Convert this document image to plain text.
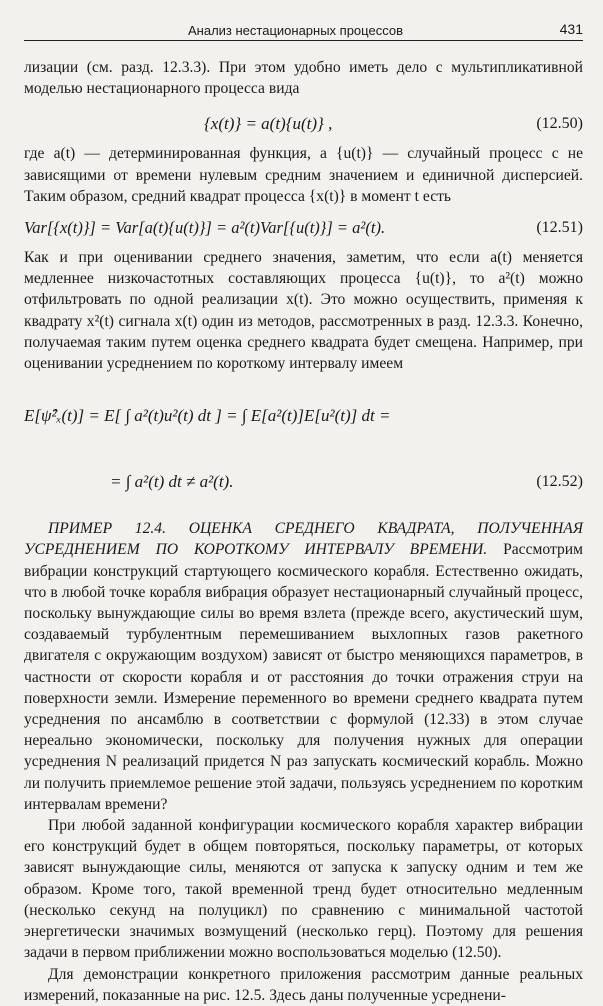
Анализ нестационарных процессов	431

лизации (см. разд. 12.3.3). При этом удобно иметь дело с мультипликативной моделью нестационарного процесса вида

{x(t)} = a(t){u(t)} ,	(12.50)

где a(t) — детерминированная функция, а {u(t)} — случайный процесс с не зависящими от времени нулевым средним значением и единичной дисперсией. Таким образом, средний квадрат процесса {x(t)} в момент t есть

Var[{x(t)}] = Var[a(t){u(t)}] = a²(t)Var[{u(t)}] = a²(t).	(12.51)

Как и при оценивании среднего значения, заметим, что если a(t) меняется медленнее низкочастотных составляющих процесса {u(t)}, то a²(t) можно отфильтровать по одной реализации x(t). Это можно осуществить, применяя к квадрату x²(t) сигнала x(t) один из методов, рассмотренных в разд. 12.3.3. Конечно, получаемая таким путем оценка среднего квадрата будет смещена. Например, при оценивании усреднением по короткому интервалу имеем

E[ψ̂²ₓ(t)] = E[ ∫ a²(t)u²(t) dt ] = ∫ E[a²(t)]E[u²(t)] dt =
= ∫ a²(t) dt ≠ a²(t).	(12.52)

ПРИМЕР 12.4. ОЦЕНКА СРЕДНЕГО КВАДРАТА, ПОЛУЧЕННАЯ УСРЕДНЕНИЕМ ПО КОРОТКОМУ ИНТЕРВАЛУ ВРЕМЕНИ. Рассмотрим вибрации конструкций стартующего космического корабля. Естественно ожидать, что в любой точке корабля вибрация образует нестационарный случайный процесс, поскольку вынуждающие силы во время взлета (прежде всего, акустический шум, создаваемый турбулентным перемешиванием выхлопных газов ракетного двигателя с окружающим воздухом) зависят от быстро меняющихся параметров, в частности от скорости корабля и от расстояния до точки отражения струи на поверхности земли. Измерение переменного во времени среднего квадрата путем усреднения по ансамблю в соответствии с формулой (12.33) в этом случае нереально экономически, поскольку для получения нужных для операции усреднения N реализаций придется N раз запускать космический корабль. Можно ли получить приемлемое решение этой задачи, пользуясь усреднением по коротким интервалам времени?

При любой заданной конфигурации космического корабля характер вибрации его конструкций будет в общем повторяться, поскольку параметры, от которых зависят вынуждающие силы, меняются от запуска к запуску одним и тем же образом. Кроме того, такой временной тренд будет относительно медленным (несколько секунд на полуцикл) по сравнению с минимальной частотой энергетически значимых возмущений (несколько герц). Поэтому для решения задачи в первом приближении можно воспользоваться моделью (12.50).

Для демонстрации конкретного приложения рассмотрим данные реальных измерений, показанные на рис. 12.5. Здесь даны полученные усреднени-
